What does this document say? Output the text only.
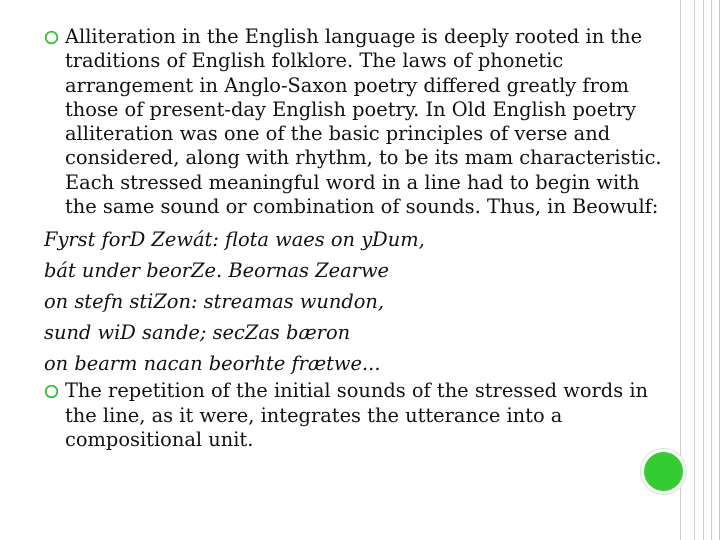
Alliteration in the English language is deeply rooted in the traditions of English folklore. The laws of phonetic arrangement in Anglo-Saxon poetry differed greatly from those of present-day English poetry. In Old English poetry alliteration was one of the basic principles of verse and considered, along with rhythm, to be its mam characteristic. Each stressed meaningful word in a line had to begin with the same sound or combination of sounds. Thus, in Beowulf:
Fyrst forD Zewát: flota waes on yDum,
bát under beorZe. Beornas Zearwe
on stefn stiZon: streamas wundon,
sund wiD sande; secZas bæron
on bearm nacan beorhte frætwe...
The repetition of the initial sounds of the stressed words in the line, as it were, integrates the utterance into a compositional unit.
